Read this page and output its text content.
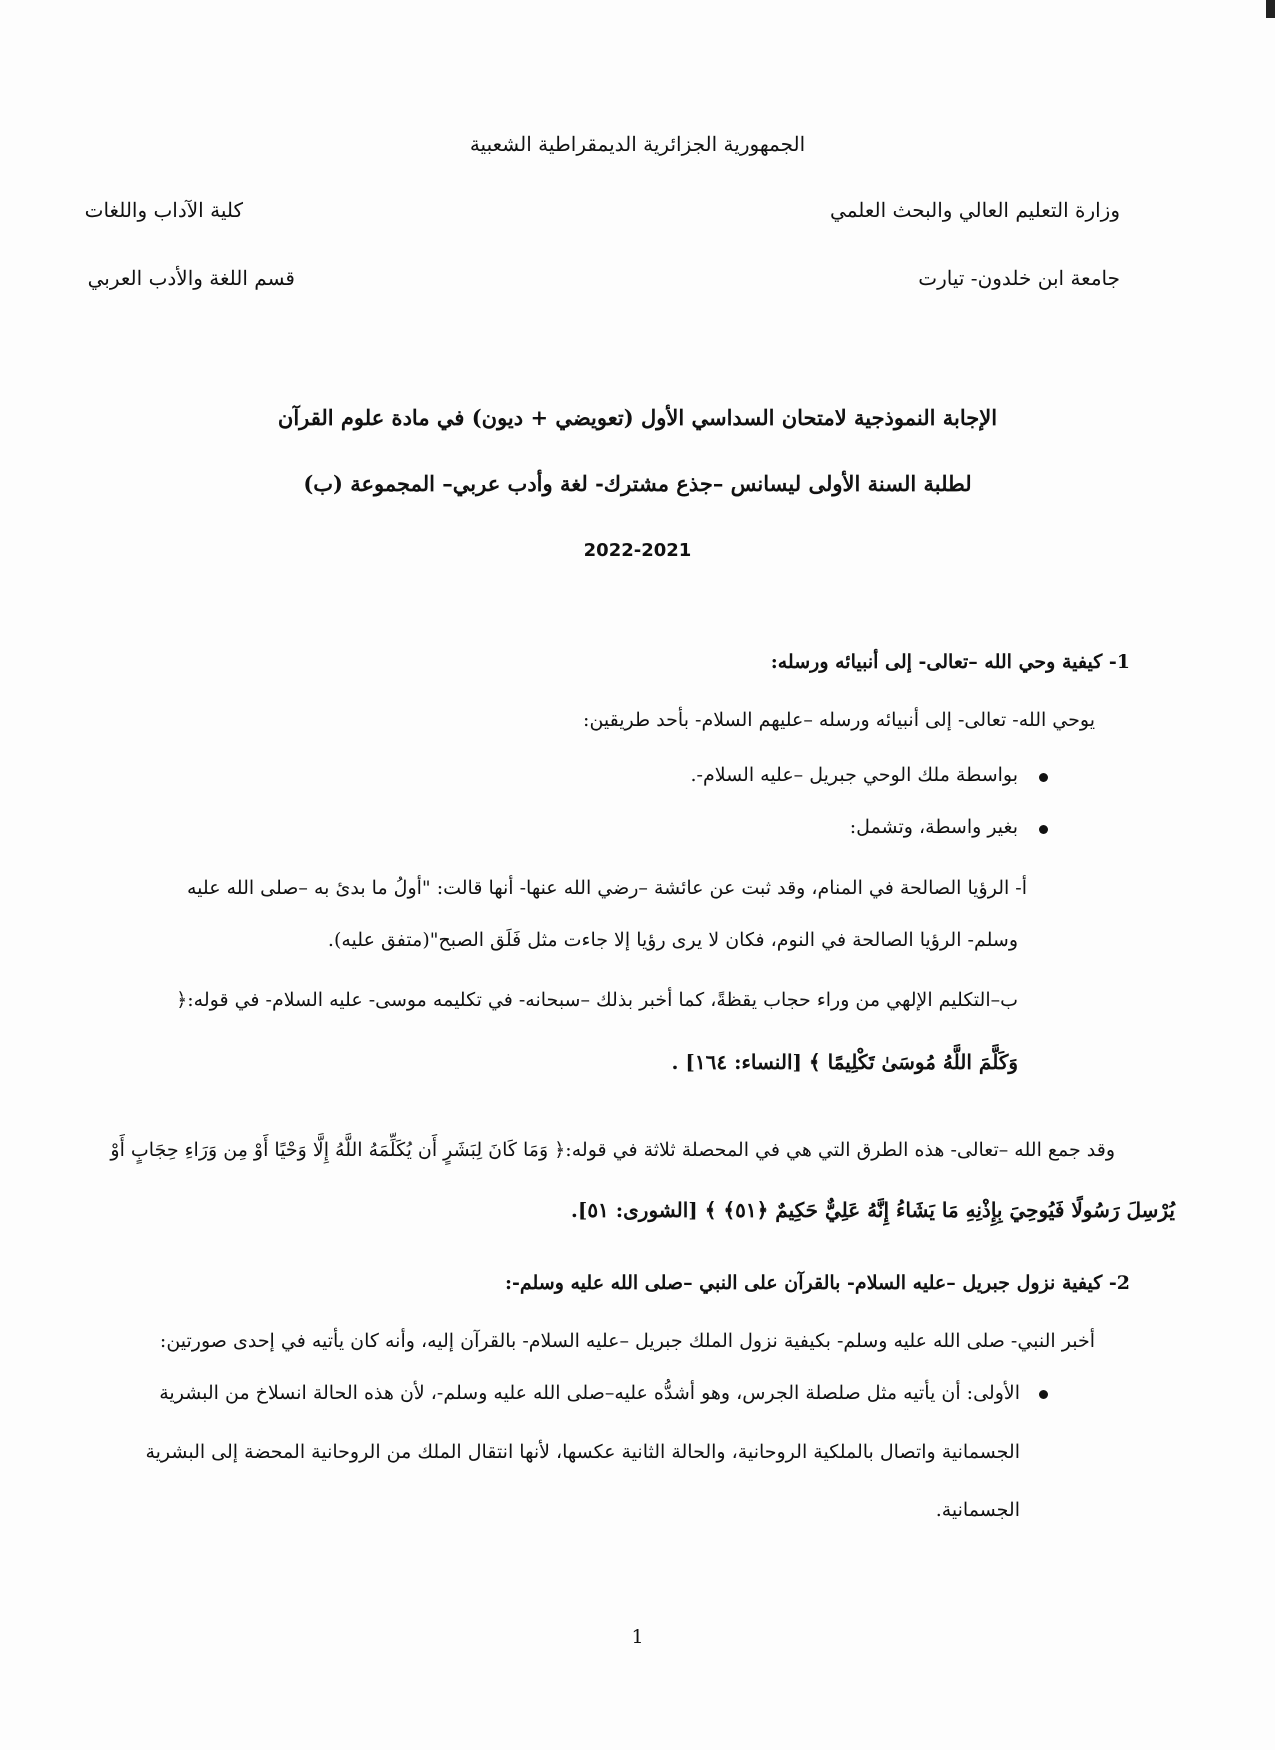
الجمهورية الجزائرية الديمقراطية الشعبية
وزارة التعليم العالي والبحث العلمي
كلية الآداب واللغات
جامعة ابن خلدون- تيارت
قسم اللغة والأدب العربي
الإجابة النموذجية لامتحان السداسي الأول (تعويضي + ديون) في مادة علوم القرآن
لطلبة السنة الأولى ليسانس –جذع مشترك- لغة وأدب عربي– المجموعة (ب)
2022-2021
1- كيفية وحي الله –تعالى- إلى أنبيائه ورسله:
يوحي الله- تعالى- إلى أنبيائه ورسله –عليهم السلام- بأحد طريقين:
بواسطة ملك الوحي جبريل –عليه السلام-.
بغير واسطة، وتشمل:
أ- الرؤيا الصالحة في المنام، وقد ثبت عن عائشة –رضي الله عنها- أنها قالت: "أولُ ما بدئ به –صلى الله عليه
وسلم- الرؤيا الصالحة في النوم، فكان لا يرى رؤيا إلا جاءت مثل فَلَق الصبح"(متفق عليه).
ب–التكليم الإلهي من وراء حجاب يقظةً، كما أخبر بذلك –سبحانه- في تكليمه موسى- عليه السلام- في قوله:﴿
وَكَلَّمَ اللَّهُ مُوسَىٰ تَكْلِيمًا ﴾ [النساء: ١٦٤] .
وقد جمع الله –تعالى- هذه الطرق التي هي في المحصلة ثلاثة في قوله:﴿ وَمَا كَانَ لِبَشَرٍ أَن يُكَلِّمَهُ اللَّهُ إِلَّا وَحْيًا أَوْ مِن وَرَاءِ حِجَابٍ أَوْ
يُرْسِلَ رَسُولًا فَيُوحِيَ بِإِذْنِهِ مَا يَشَاءُ إِنَّهُ عَلِيٌّ حَكِيمٌ ﴿٥١﴾ ﴾ [الشورى: ٥١].
2- كيفية نزول جبريل –عليه السلام- بالقرآن على النبي –صلى الله عليه وسلم-:
أخبر النبي- صلى الله عليه وسلم- بكيفية نزول الملك جبريل –عليه السلام- بالقرآن إليه، وأنه كان يأتيه في إحدى صورتين:
الأولى: أن يأتيه مثل صلصلة الجرس، وهو أشدُّه عليه–صلى الله عليه وسلم-، لأن هذه الحالة انسلاخ من البشرية
الجسمانية واتصال بالملكية الروحانية، والحالة الثانية عكسها، لأنها انتقال الملك من الروحانية المحضة إلى البشرية
الجسمانية.
1
